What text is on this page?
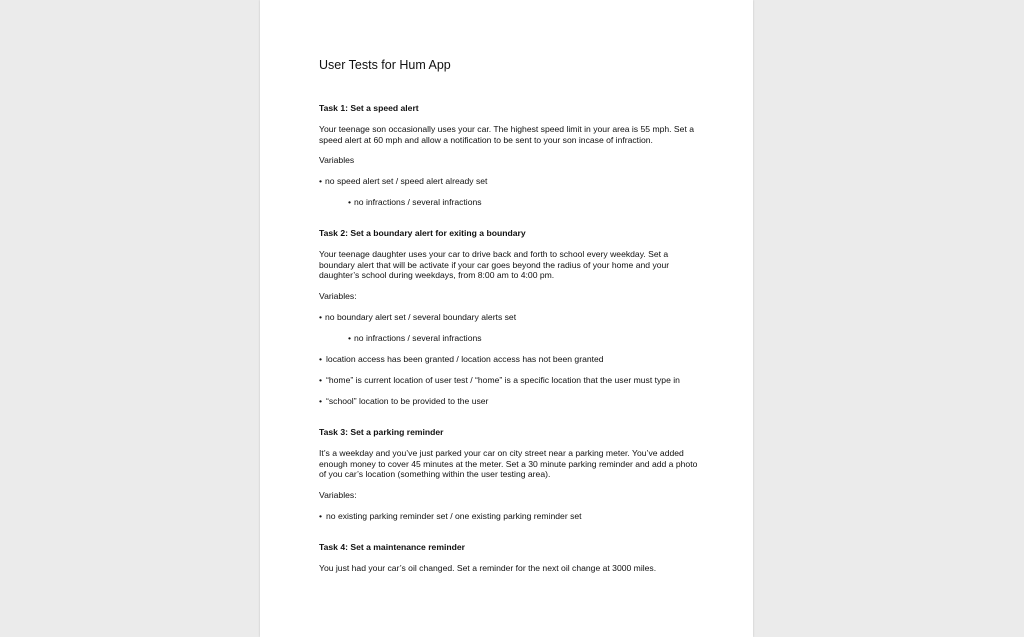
User Tests for Hum App
Task 1: Set a speed alert
Your teenage son occasionally uses your car. The highest speed limit in your area is 55 mph. Set a speed alert at 60 mph and allow a notification to be sent to your son incase of infraction.
Variables
• no speed alert set / speed alert already set
• no infractions / several infractions
Task 2: Set a boundary alert for exiting a boundary
Your teenage daughter uses your car to drive back and forth to school every weekday. Set a boundary alert that will be activate if your car goes beyond the radius of your home and your daughter’s school during weekdays, from 8:00 am to 4:00 pm.
Variables:
• no boundary alert set / several boundary alerts set
• no infractions / several infractions
• location access has been granted / location access has not been granted
• “home” is current location of user test / “home” is a specific location that the user must type in
• “school” location to be provided to the user
Task 3: Set a parking reminder
It’s a weekday and you’ve just parked your car on city street near a parking meter. You’ve added enough money to cover 45 minutes at the meter. Set a 30 minute parking reminder and add a photo of you car’s location (something within the user testing area).
Variables:
• no existing parking reminder set / one existing parking reminder set
Task 4: Set a maintenance reminder
You just had your car’s oil changed. Set a reminder for the next oil change at 3000 miles.
